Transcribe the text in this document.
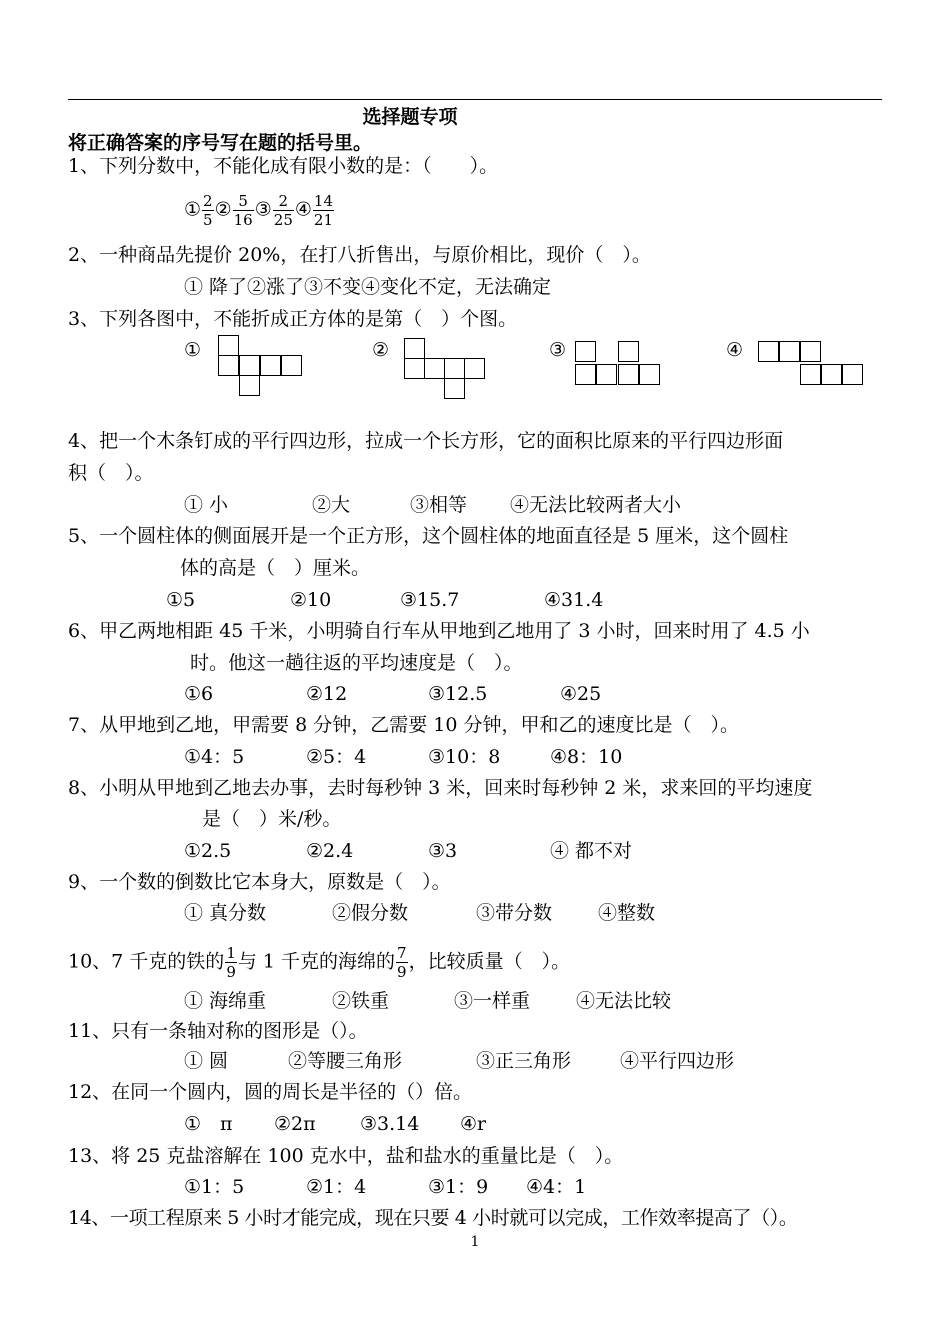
选择题专项
将正确答案的序号写在题的括号里。
1、下列分数中，不能化成有限小数的是：（　　）。
① $\frac{2}{5}$ ② $\frac{5}{16}$ ③ $\frac{2}{25}$ ④ $\frac{14}{21}$
2、一种商品先提价 20%，在打八折售出，与原价相比，现价（　）。
① 降了②涨了③不变④变化不定，无法确定
3、下列各图中，不能折成正方体的是第（　）个图。
①	②	③	④
4、把一个木条钉成的平行四边形，拉成一个长方形，它的面积比原来的平行四边形面
积（　）。
① 小	②大	③相等 ④无法比较两者大小
5、一个圆柱体的侧面展开是一个正方形，这个圆柱体的地面直径是 5 厘米，这个圆柱
体的高是（　）厘米。
①5	②10	③15.7	④31.4
6、甲乙两地相距 45 千米，小明骑自行车从甲地到乙地用了 3 小时，回来时用了 4.5 小
时。他这一趟往返的平均速度是（　）。
①6	②12	③12.5	④25
7、从甲地到乙地，甲需要 8 分钟，乙需要 10 分钟，甲和乙的速度比是（　）。
①4：5	②5：4	③10：8	④8：10
8、小明从甲地到乙地去办事，去时每秒钟 3 米，回来时每秒钟 2 米，求来回的平均速度
是（　）米/秒。
①2.5	②2.4	③3	④ 都不对
9、一个数的倒数比它本身大，原数是（　）。
① 真分数	②假分数	③带分数 ④整数
10、7 千克的铁的 $\frac{1}{9}$ 与 1 千克的海绵的 $\frac{7}{9}$ ，比较质量（　）。
① 海绵重	②铁重	③一样重 ④无法比较
11、只有一条轴对称的图形是（）。
① 圆	②等腰三角形	③正三角形	④平行四边形
12、在同一个圆内，圆的周长是半径的（）倍。
①　π ②2π ③3.14 ④r
13、将 25 克盐溶解在 100 克水中，盐和盐水的重量比是（　）。
①1：5	②1：4	③1：9 ④4：1
14、一项工程原来 5 小时才能完成，现在只要 4 小时就可以完成，工作效率提高了（）。
1
